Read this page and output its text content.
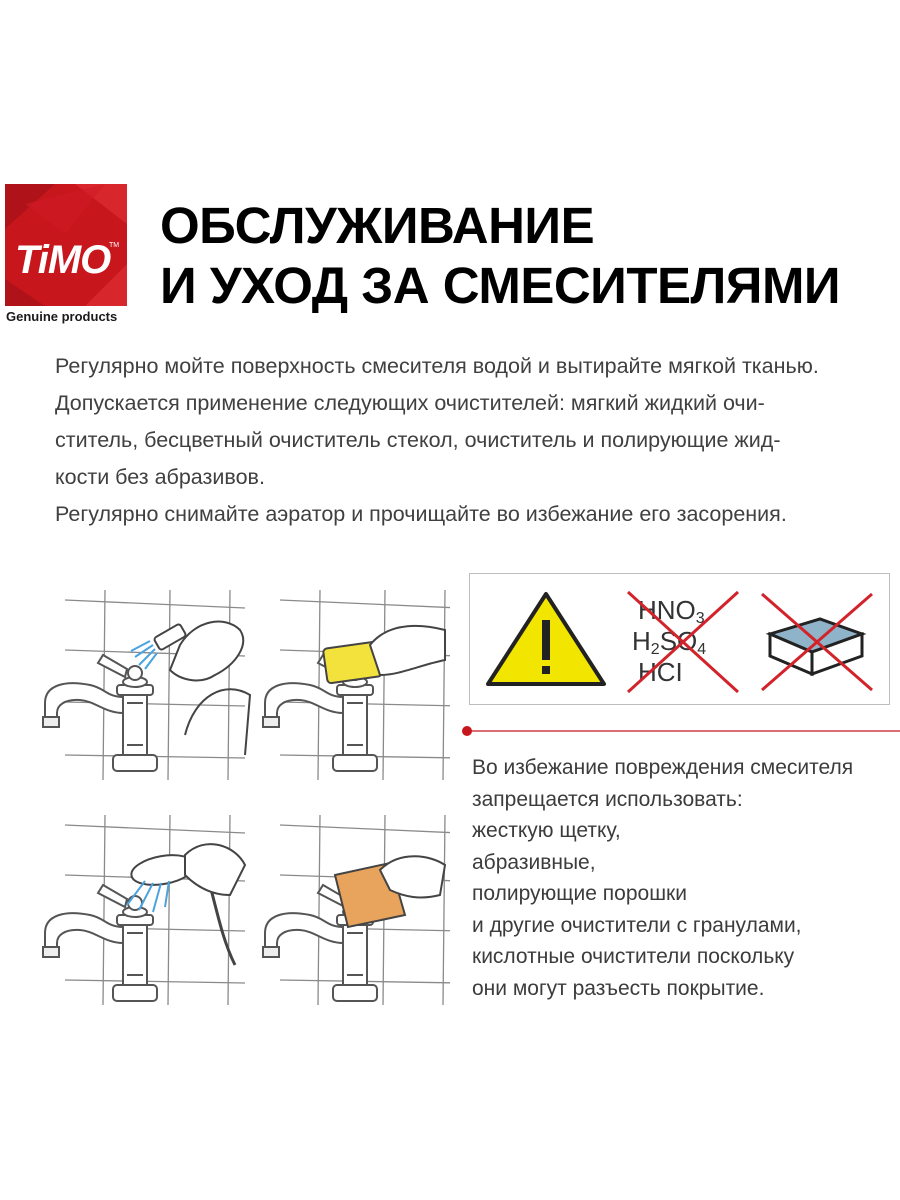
TiMO
TM
Genuine products
ОБСЛУЖИВАНИЕ
И УХОД ЗА СМЕСИТЕЛЯМИ

Регулярно мойте поверхность смесителя водой и вытирайте мягкой тканью.

Допускается применение следующих очистителей: мягкий жидкий очи-

ститель, бесцветный очиститель стекол, очиститель и полирующие жид-

кости без абразивов.

Регулярно снимайте аэратор и прочищайте во избежание его засорения.

HNO3
H2SO4
HCI
Во избежание повреждения смесителя
запрещается использовать:
жесткую щетку,
абразивные,
полирующие порошки
и другие очистители с гранулами,
кислотные очистители поскольку
они могут разъесть покрытие.
